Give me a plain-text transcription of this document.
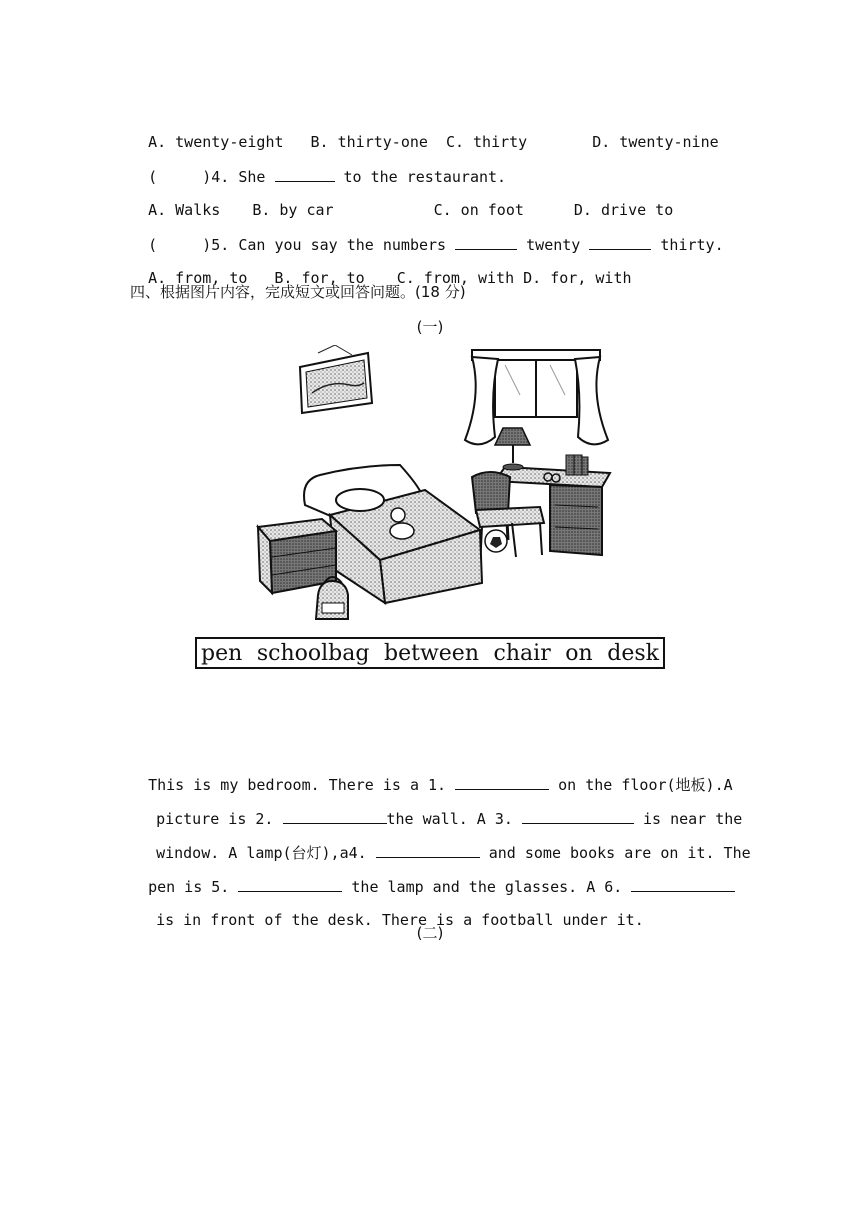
A. twenty-eight B. thirty-one C. thirty	D. twenty-nine

(     )4. She	to the restaurant.

A. Walks B. by car	C. on foot	D. drive to

(     )5. Can you say the numbers	twenty	thirty.

A. from, to B. for, to C. from, with D. for, with

四、根据图片内容，完成短文或回答问题。(18 分)
(一)
pen schoolbag between chair on desk

This is my bedroom. There is a 1.	on the floor(地板).A

picture is 2.	the wall. A 3.	is near the

window. A lamp(台灯),a4.	and some books are on it. The

pen is 5.	the lamp and the glasses. A 6.

is in front of the desk. There is a football under it.

(二)
